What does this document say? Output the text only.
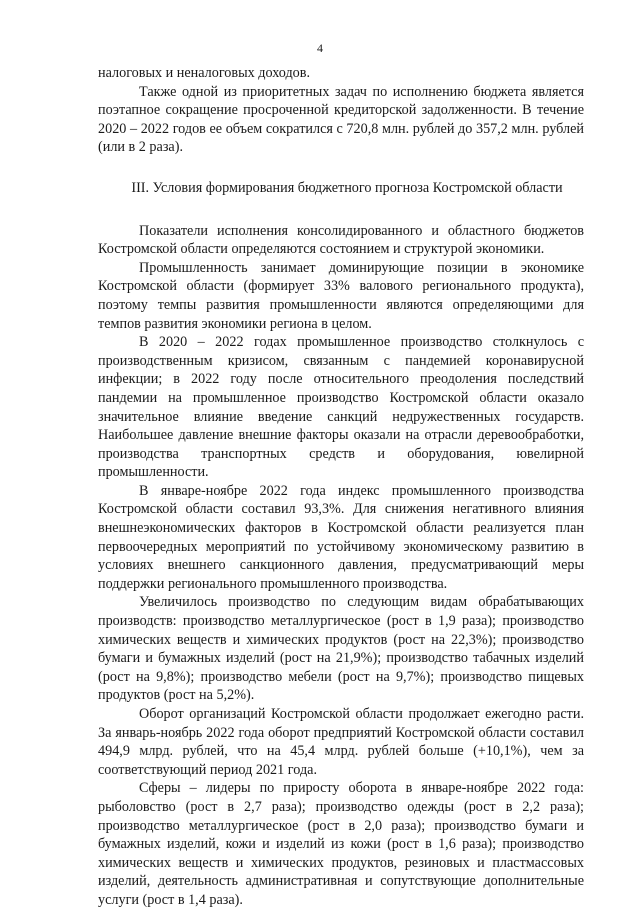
4

налоговых и неналоговых доходов.

Также одной из приоритетных задач по исполнению бюджета является поэтапное сокращение просроченной кредиторской задолженности. В течение 2020 – 2022 годов ее объем сократился с 720,8 млн. рублей до 357,2 млн. рублей (или в 2 раза).

III. Условия формирования бюджетного прогноза Костромской области

Показатели исполнения консолидированного и областного бюджетов Костромской области определяются состоянием и структурой экономики.

Промышленность занимает доминирующие позиции в экономике Костромской области (формирует 33% валового регионального продукта), поэтому темпы развития промышленности являются определяющими для темпов развития экономики региона в целом.

В 2020 – 2022 годах промышленное производство столкнулось с производственным кризисом, связанным с пандемией коронавирусной инфекции; в 2022 году после относительного преодоления последствий пандемии на промышленное производство Костромской области оказало значительное влияние введение санкций недружественных государств. Наибольшее давление внешние факторы оказали на отрасли деревообработки, производства транспортных средств и оборудования, ювелирной промышленности.

В январе-ноябре 2022 года индекс промышленного производства Костромской области составил 93,3%. Для снижения негативного влияния внешнеэкономических факторов в Костромской области реализуется план первоочередных мероприятий по устойчивому экономическому развитию в условиях внешнего санкционного давления, предусматривающий меры поддержки регионального промышленного производства.

Увеличилось производство по следующим видам обрабатывающих производств: производство металлургическое (рост в 1,9 раза); производство химических веществ и химических продуктов (рост на 22,3%); производство бумаги и бумажных изделий (рост на 21,9%); производство табачных изделий (рост на 9,8%); производство мебели (рост на 9,7%); производство пищевых продуктов (рост на 5,2%).

Оборот организаций Костромской области продолжает ежегодно расти. За январь-ноябрь 2022 года оборот предприятий Костромской области составил 494,9 млрд. рублей, что на 45,4 млрд. рублей больше (+10,1%), чем за соответствующий период 2021 года.

Сферы – лидеры по приросту оборота в январе-ноябре 2022 года: рыболовство (рост в 2,7 раза); производство одежды (рост в 2,2 раза); производство металлургическое (рост в 2,0 раза); производство бумаги и бумажных изделий, кожи и изделий из кожи (рост в 1,6 раза); производство химических веществ и химических продуктов, резиновых и пластмассовых изделий, деятельность административная и сопутствующие дополнительные услуги (рост в 1,4 раза).
